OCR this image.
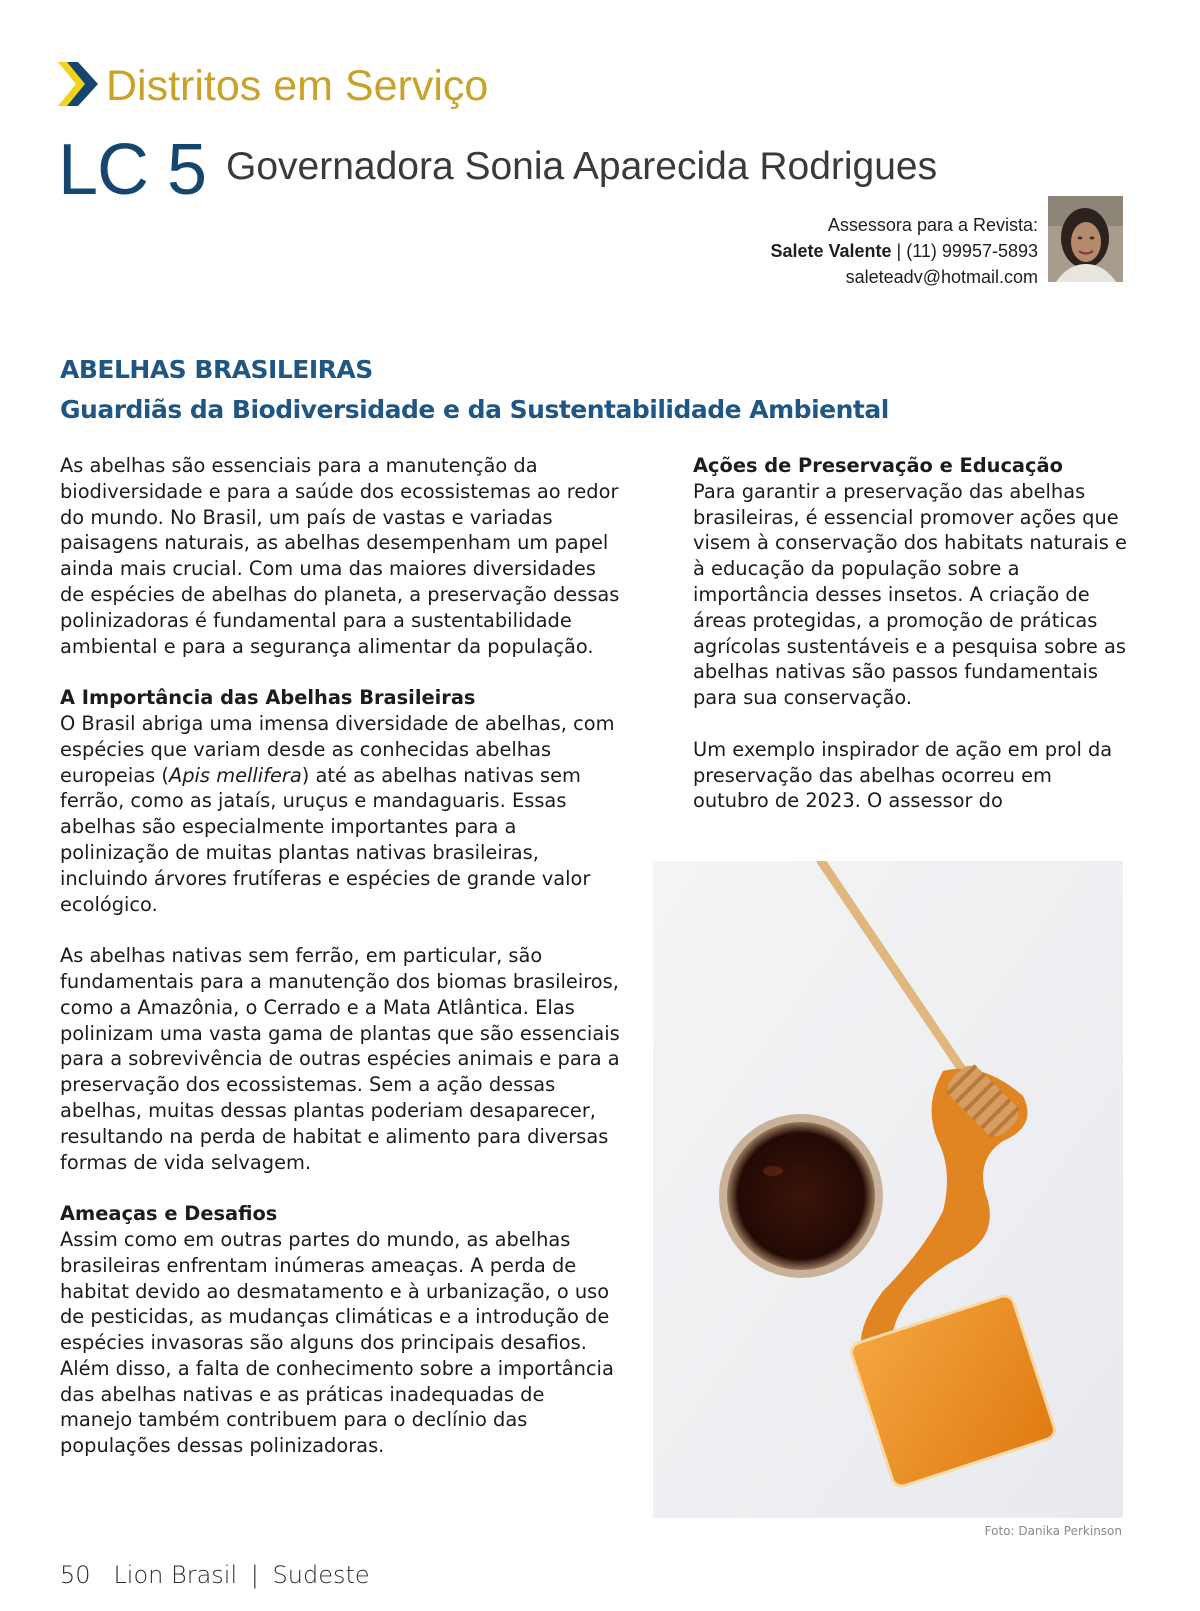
Distritos em Serviço
LC 5 Governadora Sonia Aparecida Rodrigues
Assessora para a Revista:
Salete Valente | (11) 99957-5893
saleteadv@hotmail.com
ABELHAS BRASILEIRAS
Guardiãs da Biodiversidade e da Sustentabilidade Ambiental

As abelhas são essenciais para a manutenção da biodiversidade e para a saúde dos ecossistemas ao redor do mundo. No Brasil, um país de vastas e variadas paisagens naturais, as abelhas desempenham um papel ainda mais crucial. Com uma das maiores diversidades de espécies de abelhas do planeta, a preservação dessas polinizadoras é fundamental para a sustentabilidade ambiental e para a segurança alimentar da população.

A Importância das Abelhas Brasileiras

O Brasil abriga uma imensa diversidade de abelhas, com espécies que variam desde as conhecidas abelhas europeias (Apis mellifera) até as abelhas nativas sem ferrão, como as jataís, uruçus e mandaguaris. Essas abelhas são especialmente importantes para a polinização de muitas plantas nativas brasileiras, incluindo árvores frutíferas e espécies de grande valor ecológico.

As abelhas nativas sem ferrão, em particular, são fundamentais para a manutenção dos biomas brasileiros, como a Amazônia, o Cerrado e a Mata Atlântica. Elas polinizam uma vasta gama de plantas que são essenciais para a sobrevivência de outras espécies animais e para a preservação dos ecossistemas. Sem a ação dessas abelhas, muitas dessas plantas poderiam desaparecer, resultando na perda de habitat e alimento para diversas formas de vida selvagem.

Ameaças e Desafios

Assim como em outras partes do mundo, as abelhas brasileiras enfrentam inúmeras ameaças. A perda de habitat devido ao desmatamento e à urbanização, o uso de pesticidas, as mudanças climáticas e a introdução de espécies invasoras são alguns dos principais desafios. Além disso, a falta de conhecimento sobre a importância das abelhas nativas e as práticas inadequadas de manejo também contribuem para o declínio das populações dessas polinizadoras.

Ações de Preservação e Educação

Para garantir a preservação das abelhas brasileiras, é essencial promover ações que visem à conservação dos habitats naturais e à educação da população sobre a importância desses insetos. A criação de áreas protegidas, a promoção de práticas agrícolas sustentáveis e a pesquisa sobre as abelhas nativas são passos fundamentais para sua conservação.

Um exemplo inspirador de ação em prol da preservação das abelhas ocorreu em outubro de 2023. O assessor do

Foto: Danika Perkinson
50 Lion Brasil | Sudeste
